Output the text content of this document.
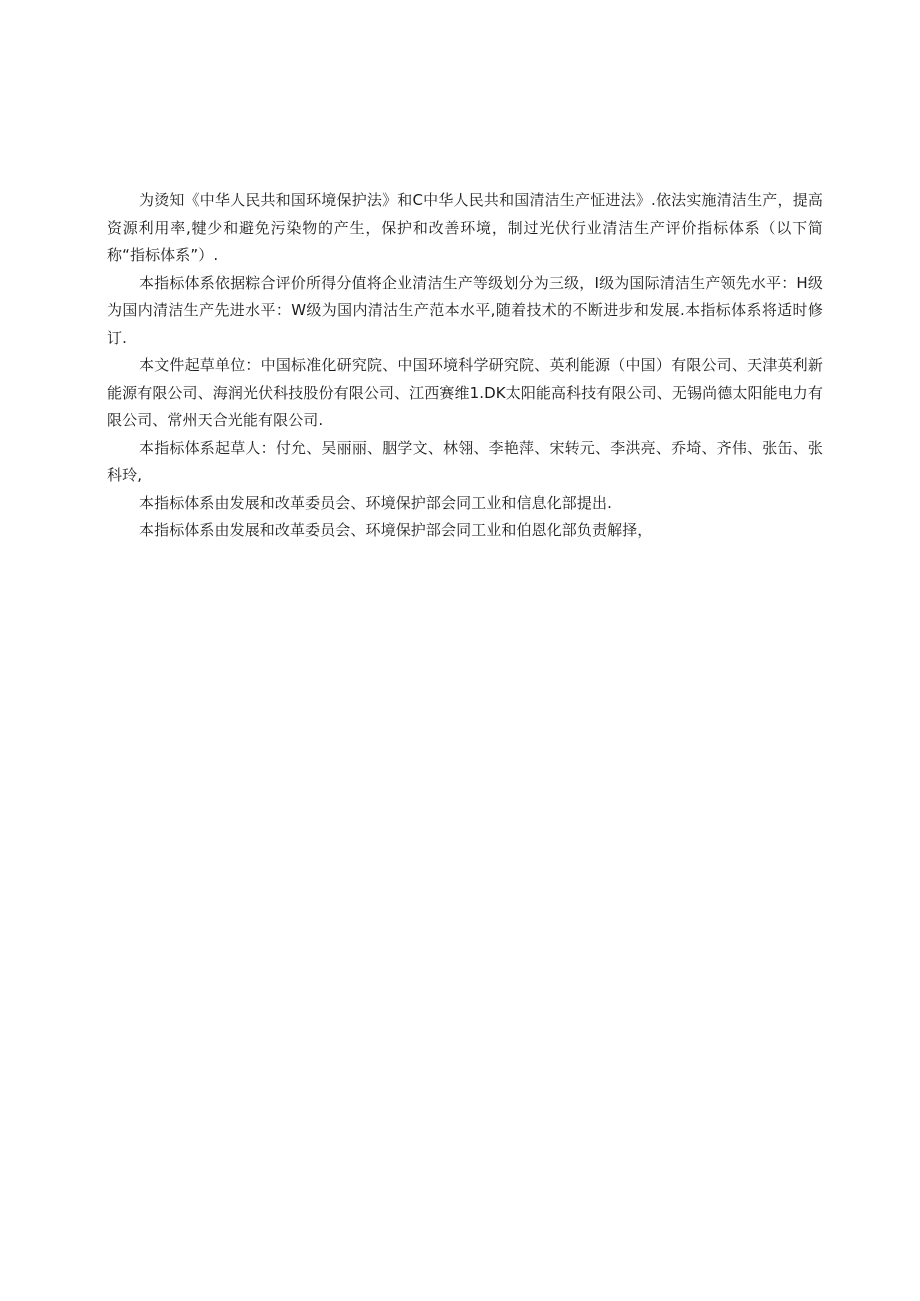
为烫知《中华人民共和国环境保护法》和C中华人民共和国清洁生产怔进法》.依法实施清洁生产，提高资源利用率,犍少和避免污染物的产生，保护和改善环境，制过光伏行业清洁生产评价指标体系（以下简称“指标体系”）.

本指标体系依据粽合评价所得分值将企业清洁生产等级划分为三级，I级为国际清洁生产领先水平：H级为国内清洁生产先进水平：W级为国内清沽生产范本水平,随着技术的不断进步和发展.本指标体系将适时修订.

本文件起草单位：中国标准化研究院、中国环境科学研究院、英利能源（中国）有限公司、天津英利新能源有限公司、海润光伏科技股份有限公司、江西赛维1.DK太阳能高科技有限公司、无锡尚德太阳能电力有限公司、常州天合光能有限公司.

本指标体系起草人：付允、吴丽丽、胭学文、林翎、李艳萍、宋转元、李洪亮、乔埼、齐伟、张缶、张科玲,

本指标体系由发展和改革委员会、环境保护部会同工业和信息化部提出.

本指标体系由发展和改革委员会、环境保护部会同工业和伯恩化部负责解择，
